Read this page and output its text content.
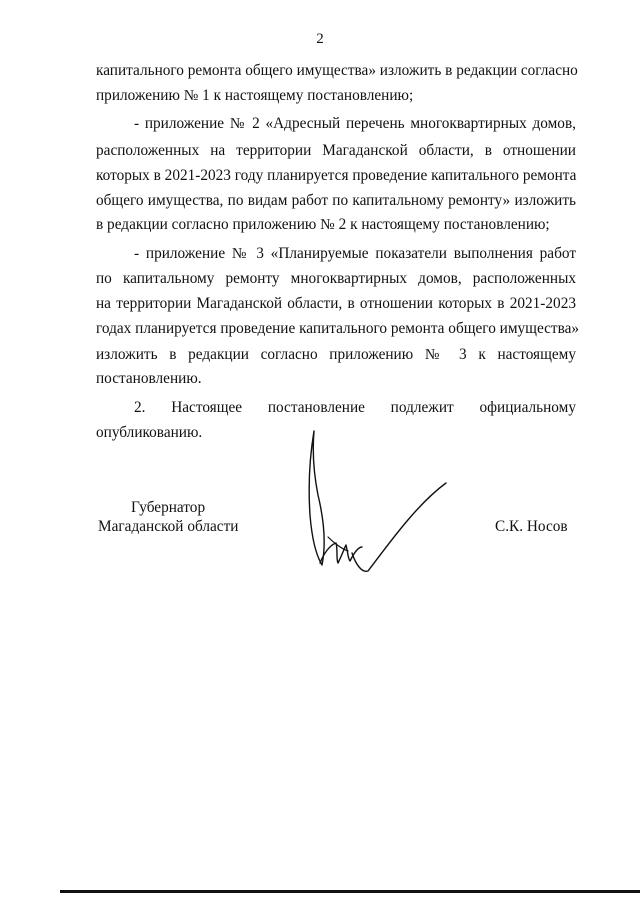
2
капитального ремонта общего имущества» изложить в редакции согласно
приложению № 1 к настоящему постановлению;
- приложение № 2 «Адресный перечень многоквартирных домов,
расположенных на территории Магаданской области, в отношении
которых в 2021-2023 году планируется проведение капитального ремонта
общего имущества, по видам работ по капитальному ремонту» изложить
в редакции согласно приложению № 2 к настоящему постановлению;
- приложение № 3 «Планируемые показатели выполнения работ
по капитальному ремонту многоквартирных домов, расположенных
на территории Магаданской области, в отношении которых в 2021-2023
годах планируется проведение капитального ремонта общего имущества»
изложить в редакции согласно приложению № 3 к настоящему
постановлению.
2. Настоящее постановление подлежит официальному
опубликованию.
Губернатор
Магаданской области	С.К. Носов
